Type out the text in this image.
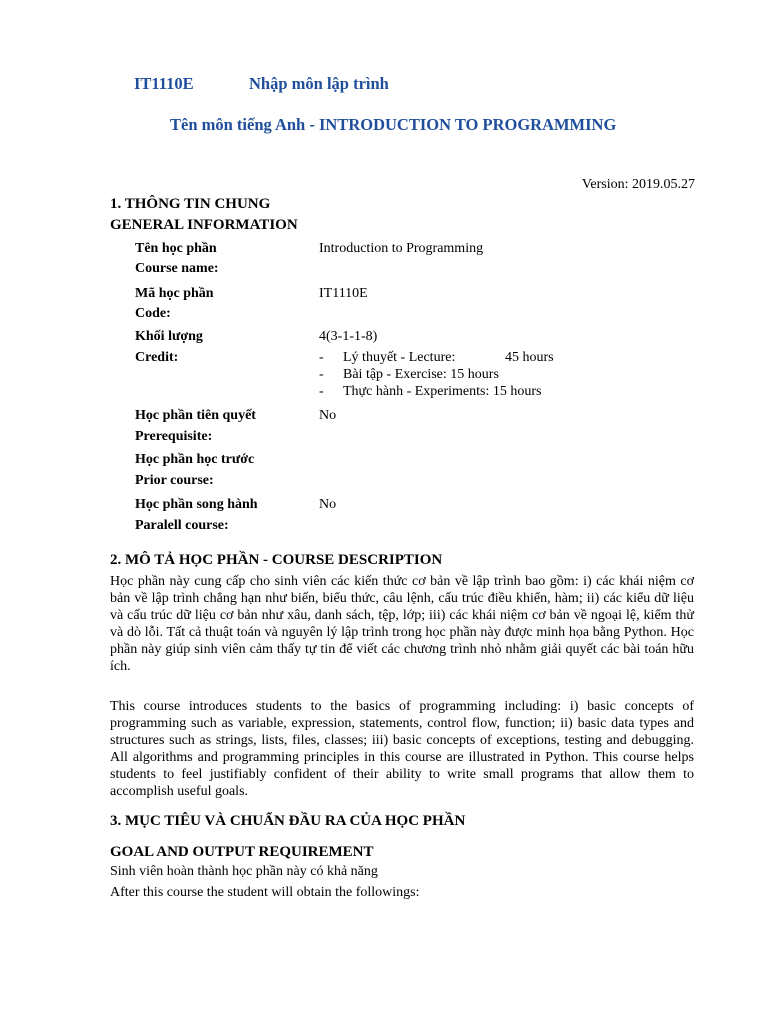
IT1110E	Nhập môn lập trình
Tên môn tiếng Anh - INTRODUCTION TO PROGRAMMING
Version: 2019.05.27
1. THÔNG TIN CHUNG
GENERAL INFORMATION
Tên học phần
Course name:
Introduction to Programming
Mã học phần
Code:
IT1110E
Khối lượng
Credit:
4(3-1-1-8)
- Lý thuyết - Lecture:	45 hours
- Bài tập - Exercise: 15 hours
- Thực hành - Experiments: 15 hours
Học phần tiên quyết
Prerequisite:
No
Học phần học trước
Prior course:
Học phần song hành
Paralell course:
No
2. MÔ TẢ HỌC PHẦN - COURSE DESCRIPTION
Học phần này cung cấp cho sinh viên các kiến thức cơ bản về lập trình bao gồm: i) các khái niệm cơ bản về lập trình chẳng hạn như biến, biểu thức, câu lệnh, cấu trúc điều khiển, hàm; ii) các kiểu dữ liệu và cấu trúc dữ liệu cơ bản như xâu, danh sách, tệp, lớp; iii) các khái niệm cơ bản về ngoại lệ, kiểm thử và dò lỗi. Tất cả thuật toán và nguyên lý lập trình trong học phần này được minh họa bằng Python. Học phần này giúp sinh viên cảm thấy tự tin để viết các chương trình nhỏ nhằm giải quyết các bài toán hữu ích.
This course introduces students to the basics of programming including: i) basic concepts of programming such as variable, expression, statements, control flow, function; ii) basic data types and structures such as strings, lists, files, classes; iii) basic concepts of exceptions, testing and debugging. All algorithms and programming principles in this course are illustrated in Python. This course helps students to feel justifiably confident of their ability to write small programs that allow them to accomplish useful goals.
3. MỤC TIÊU VÀ CHUẨN ĐẦU RA CỦA HỌC PHẦN
GOAL AND OUTPUT REQUIREMENT
Sinh viên hoàn thành học phần này có khả năng
After this course the student will obtain the followings:
